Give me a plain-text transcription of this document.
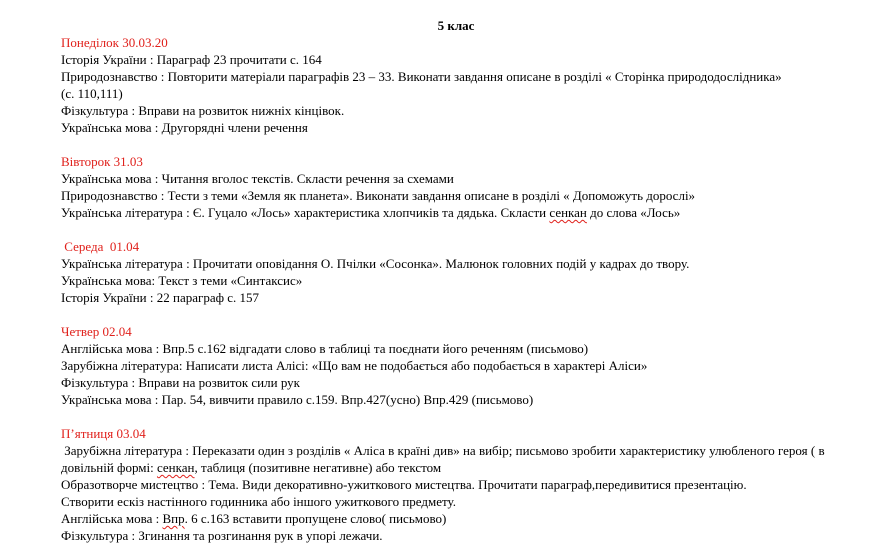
5 клас
Понеділок 30.03.20
Історія України : Параграф 23 прочитати с. 164
Природознавство : Повторити матеріали параграфів 23 – 33. Виконати завдання описане в розділі « Сторінка природодослідника»
(с. 110,111)
Фізкультура : Вправи на розвиток нижніх кінцівок.
Українська мова : Другорядні члени речення
Вівторок 31.03
Українська мова : Читання вголос текстів. Скласти речення за схемами
Природознавство : Тести з теми «Земля як планета». Виконати завдання описане в розділі « Допоможуть дорослі»
Українська література : Є. Гуцало «Лось» характеристика хлопчиків та дядька. Скласти сенкан до слова «Лось»
Середа  01.04
Українська література : Прочитати оповідання О. Пчілки «Сосонка». Малюнок головних подій у кадрах до твору.
Українська мова: Текст з теми «Синтаксис»
Історія України : 22 параграф с. 157
Четвер 02.04
Англійська мова : Впр.5 с.162 відгадати слово в таблиці та поєднати його реченням (письмово)
Зарубіжна література: Написати листа Алісі: «Що вам не подобається або подобається в характері Аліси»
Фізкультура : Вправи на розвиток сили рук
Українська мова : Пар. 54, вивчити правило с.159. Впр.427(усно) Впр.429 (письмово)
П’ятниця 03.04
Зарубіжна література : Переказати один з розділів « Аліса в країні див» на вибір; письмово зробити характеристику улюбленого героя ( в довільній формі: сенкан, таблиця (позитивне негативне) або текстом
Образотворче мистецтво : Тема. Види декоративно-ужиткового мистецтва. Прочитати параграф,передивитися презентацію.
Створити ескіз настінного годинника або іншого ужиткового предмету.
Англійська мова : Впр. 6 с.163 вставити пропущене слово( письмово)
Фізкультура : Згинання та розгинання рук в упорі лежачи.
